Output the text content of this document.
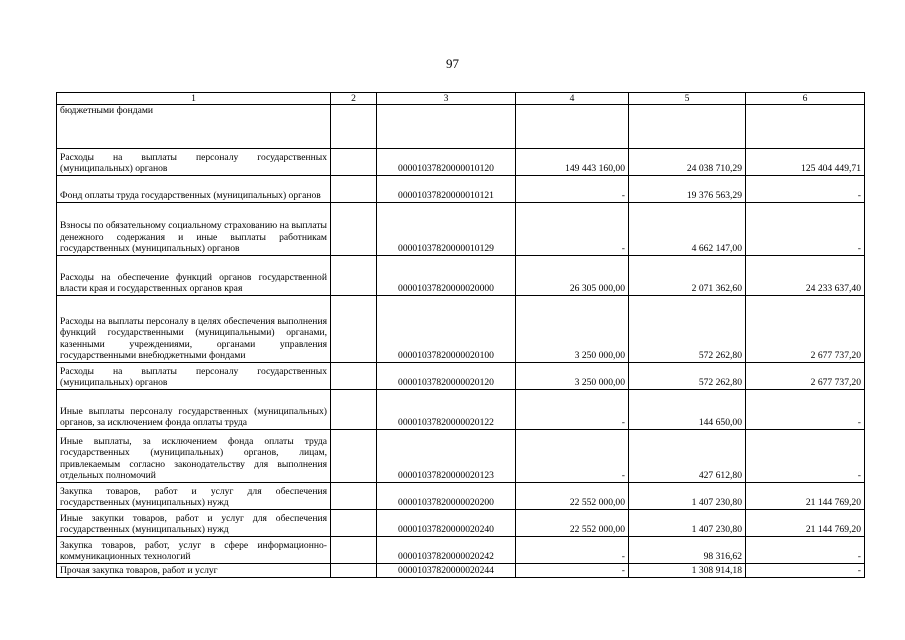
97
1	2	3	4	5	6
бюджетными фондами					
Расходы на выплаты персоналу государственных (муниципальных) органов		00001037820000010120	149 443 160,00	24 038 710,29	125 404 449,71
Фонд оплаты труда государственных (муниципальных) органов		00001037820000010121	-	19 376 563,29	-
Взносы по обязательному социальному страхованию на выплаты денежного содержания и иные выплаты работникам государственных (муниципальных) органов		00001037820000010129	-	4 662 147,00	-
Расходы на обеспечение функций органов государственной власти края и государственных органов края		00001037820000020000	26 305 000,00	2 071 362,60	24 233 637,40
Расходы на выплаты персоналу в целях обеспечения выполнения функций государственными (муниципальными) органами, казенными учреждениями, органами управления государственными внебюджетными фондами		00001037820000020100	3 250 000,00	572 262,80	2 677 737,20
Расходы на выплаты персоналу государственных (муниципальных) органов		00001037820000020120	3 250 000,00	572 262,80	2 677 737,20
Иные выплаты персоналу государственных (муниципальных) органов, за исключением фонда оплаты труда		00001037820000020122	-	144 650,00	-
Иные выплаты, за исключением фонда оплаты труда государственных (муниципальных) органов, лицам, привлекаемым согласно законодательству для выполнения отдельных полномочий		00001037820000020123	-	427 612,80	-
Закупка товаров, работ и услуг для обеспечения государственных (муниципальных) нужд		00001037820000020200	22 552 000,00	1 407 230,80	21 144 769,20
Иные закупки товаров, работ и услуг для обеспечения государственных (муниципальных) нужд		00001037820000020240	22 552 000,00	1 407 230,80	21 144 769,20
Закупка товаров, работ, услуг в сфере информационно-коммуникационных технологий		00001037820000020242	-	98 316,62	-
Прочая закупка товаров, работ и услуг		00001037820000020244	-	1 308 914,18	-
